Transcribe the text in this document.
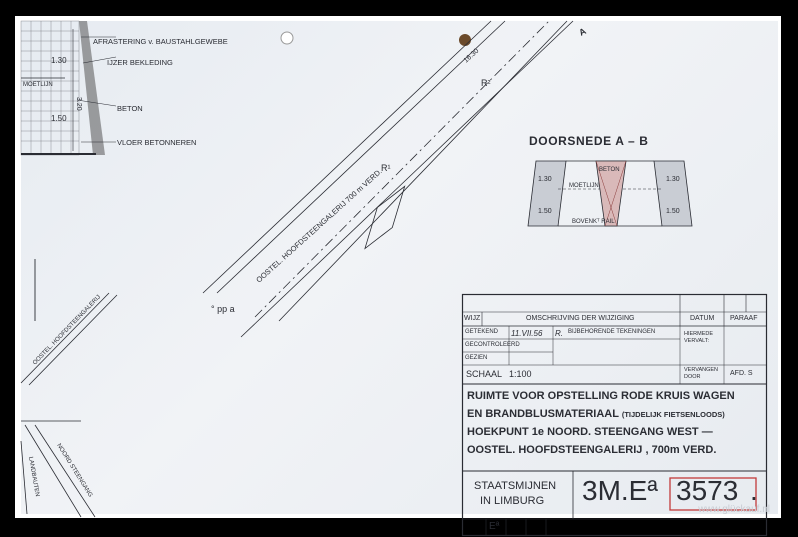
AFRASTERING v. BAUSTAHLGEWEBE
IJZER BEKLEDING
MOETLIJN
BETON
VLOER BETONNEREN
1.30
3.20
1.50
OOSTEL. HOOFDSTEENGALERIJ 700 m VERD.
R¹
R²
16.30
° pp a
A
OOSTEL. HOOFDSTEENGALERIJ
NOORD STEENGANG
LANDBAUTEN
DOORSNEDE A – B
1.30
1.50
1.30
1.50
MOETLIJN
BETON
BOVENKᵀ RAIL
WIJZ	OMSCHRIJVING DER WIJZIGING	DATUM PARAAF
GETEKEND 11.VII.56 R. BIJBEHORENDE TEKENINGEN
GECONTROLEERD
GEZIEN
HIERMEDE VERVALT:
VERVANGEN DOOR
SCHAAL 1:100	AFD. S
RUIMTE VOOR OPSTELLING RODE KRUIS WAGEN
EN BRANDBLUSMATERIAAL (TIJDELIJK FIETSENLOODS)
HOEKPUNT 1e NOORD. STEENGANG WEST —
OOSTEL. HOOFDSTEENGALERIJ , 700m VERD.
STAATSMIJNEN
IN LIMBURG 3M.Eª 3573 .
Eª
www.glückauf.nl
